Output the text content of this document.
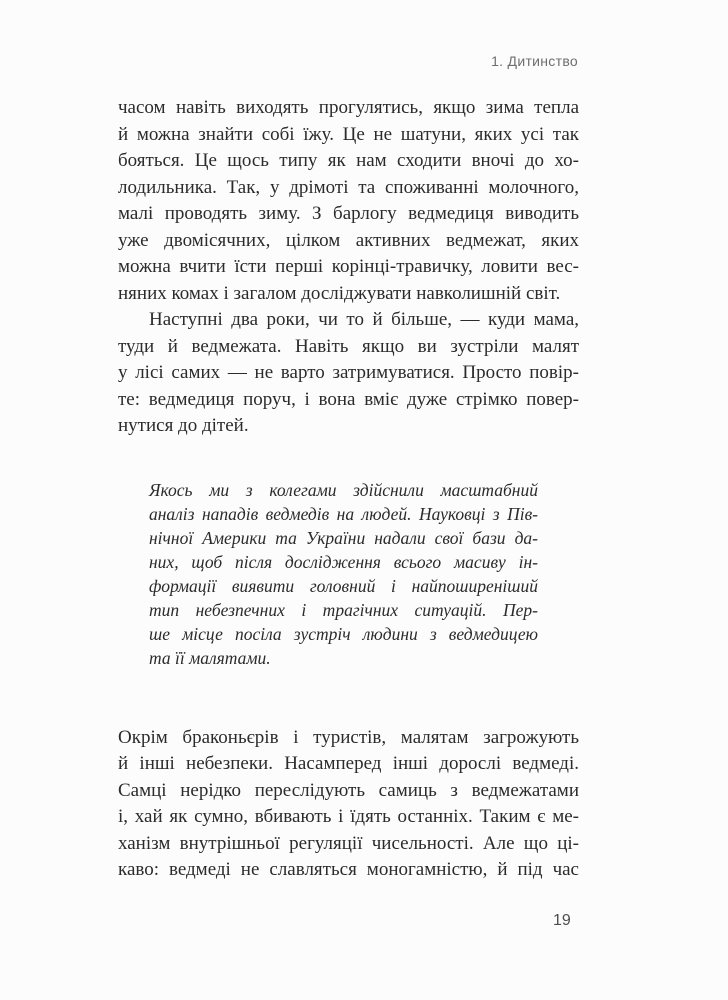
1. Дитинство
часом навіть виходять прогулятись, якщо зима тепла
й можна знайти собі їжу. Це не шатуни, яких усі так
бояться. Це щось типу як нам сходити вночі до хо-
лодильника. Так, у дрімоті та споживанні молочного,
малі проводять зиму. З барлогу ведмедиця виводить
уже двомісячних, цілком активних ведмежат, яких
можна вчити їсти перші корінці-травичку, ловити вес-
няних комах і загалом досліджувати навколишній світ.
Наступні два роки, чи то й більше, — куди мама,
туди й ведмежата. Навіть якщо ви зустріли малят
у лісі самих — не варто затримуватися. Просто повір-
те: ведмедиця поруч, і вона вміє дуже стрімко повер-
нутися до дітей.
Якось ми з колегами здійснили масштабний
аналіз нападів ведмедів на людей. Науковці з Пів-
нічної Америки та України надали свої бази да-
них, щоб після дослідження всього масиву ін-
формації виявити головний і найпоширеніший
тип небезпечних і трагічних ситуацій. Пер-
ше місце посіла зустріч людини з ведмедицею
та її малятами.
Окрім браконьєрів і туристів, малятам загрожують
й інші небезпеки. Насамперед інші дорослі ведмеді.
Самці нерідко переслідують самиць з ведмежатами
і, хай як сумно, вбивають і їдять останніх. Таким є ме-
ханізм внутрішньої регуляції чисельності. Але що ці-
каво: ведмеді не славляться моногамністю, й під час
19
